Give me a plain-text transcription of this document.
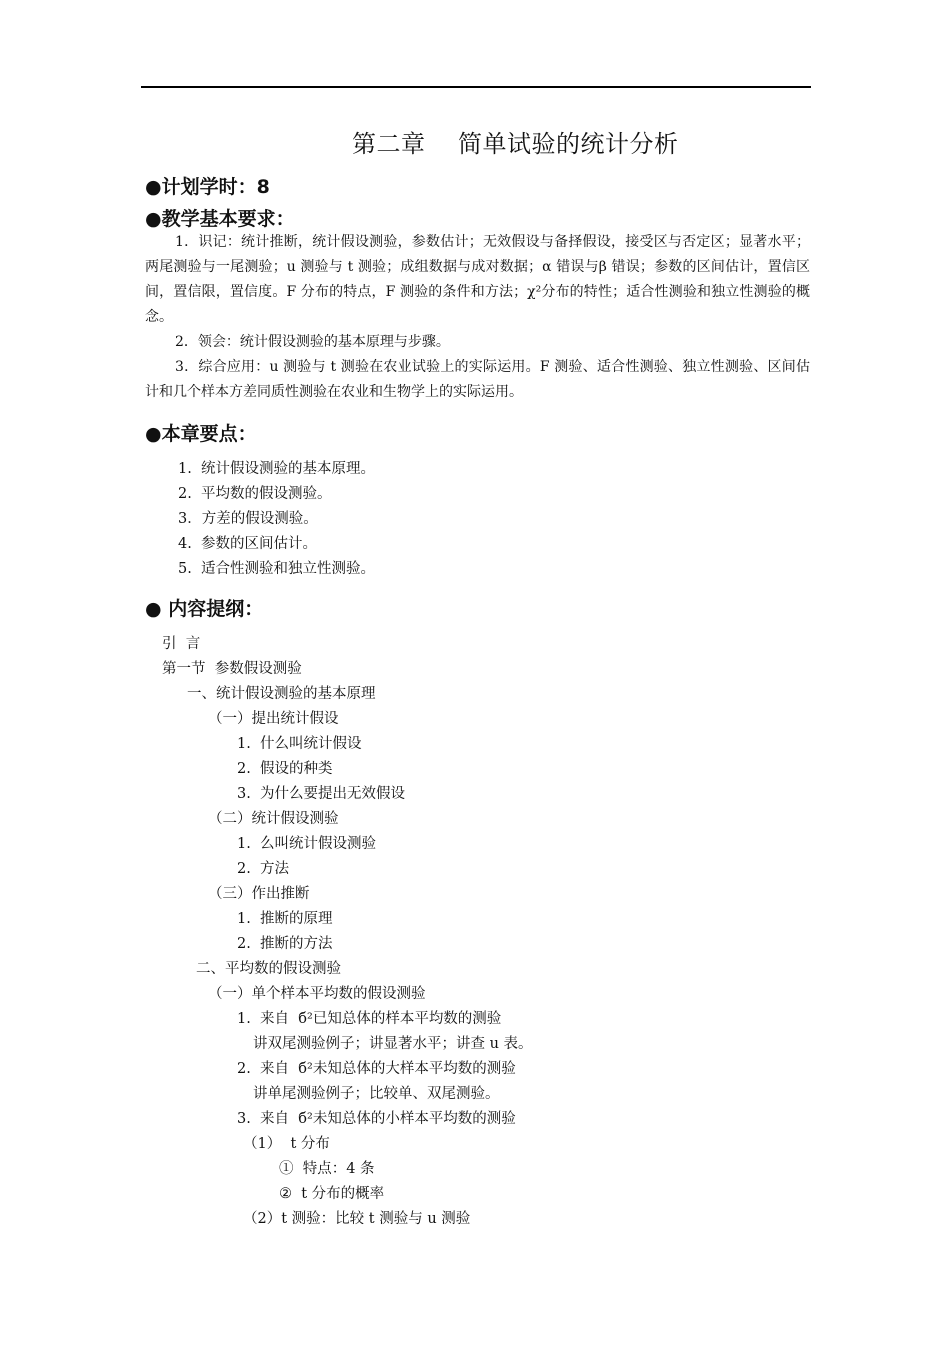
第二章    简单试验的统计分析
●计划学时：8
●教学基本要求：
1．识记：统计推断，统计假设测验，参数估计；无效假设与备择假设，接受区与否定区；显著水平；两尾测验与一尾测验；u 测验与 t 测验；成组数据与成对数据；α 错误与β 错误；参数的区间估计，置信区间，置信限，置信度。F 分布的特点，F 测验的条件和方法；χ²分布的特性；适合性测验和独立性测验的概念。
2．领会：统计假设测验的基本原理与步骤。
3．综合应用：u 测验与 t 测验在农业试验上的实际运用。F 测验、适合性测验、独立性测验、区间估计和几个样本方差同质性测验在农业和生物学上的实际运用。
●本章要点：
1.  统计假设测验的基本原理。
2.  平均数的假设测验。
3．方差的假设测验。
4.  参数的区间估计。
5.  适合性测验和独立性测验。
● 内容提纲：
引  言
第一节  参数假设测验
一、统计假设测验的基本原理
（一）提出统计假设
1.  什么叫统计假设
2.  假设的种类
3.  为什么要提出无效假设
（二）统计假设测验
1.  么叫统计假设测验
2.  方法
（三）作出推断
1.  推断的原理
2.  推断的方法
二、平均数的假设测验
（一）单个样本平均数的假设测验
1.  来自  б²已知总体的样本平均数的测验
讲双尾测验例子；讲显著水平；讲查 u 表。
2.  来自  б²未知总体的大样本平均数的测验
讲单尾测验例子；比较单、双尾测验。
3.  来自  б²未知总体的小样本平均数的测验
（1）  t 分布
①  特点：4 条
②  t 分布的概率
（2）t 测验：比较 t 测验与 u 测验
